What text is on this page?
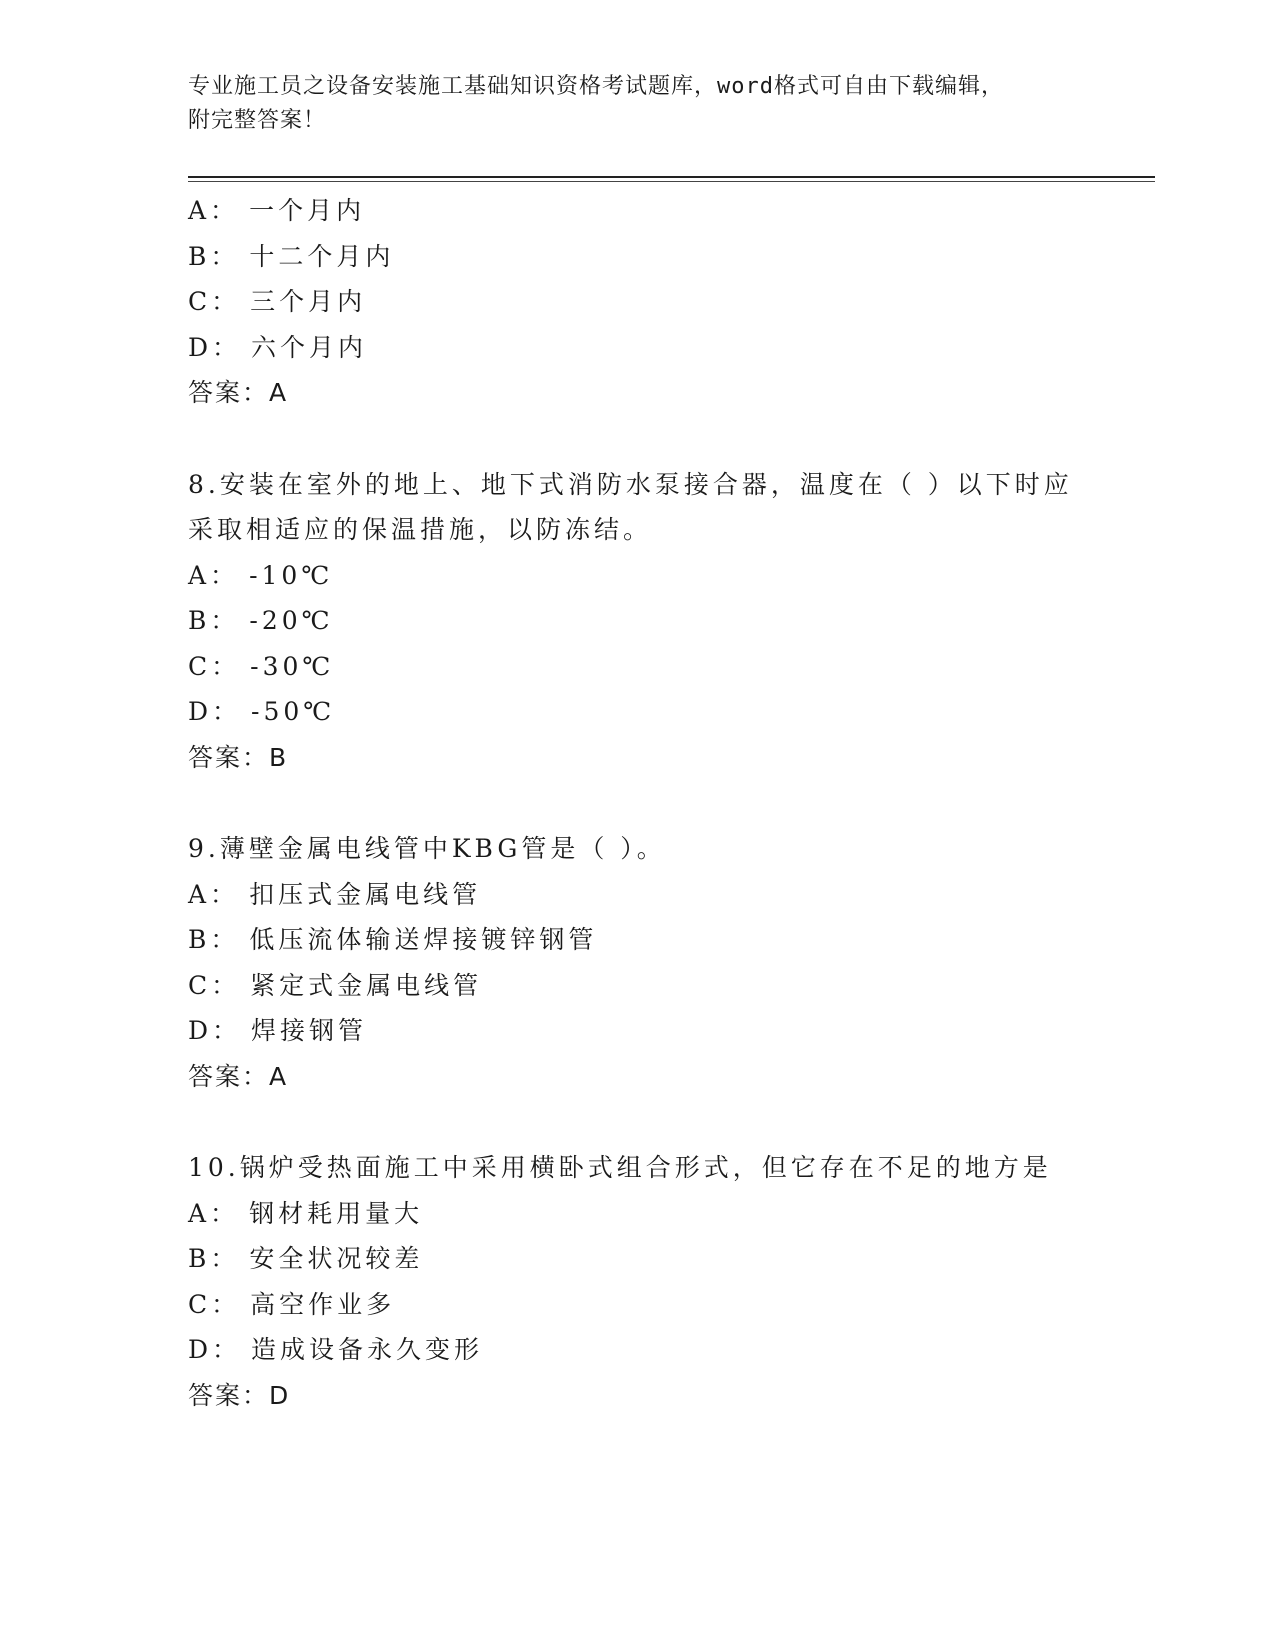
专业施工员之设备安装施工基础知识资格考试题库，word格式可自由下载编辑，
附完整答案！
A： 一个月内
B： 十二个月内
C： 三个月内
D： 六个月内
答案：A
8.安装在室外的地上、地下式消防水泵接合器，温度在（ ）以下时应
采取相适应的保温措施，以防冻结。
A： -10℃
B： -20℃
C： -30℃
D： -50℃
答案：B
9.薄壁金属电线管中KBG管是（ ）。
A： 扣压式金属电线管
B： 低压流体输送焊接镀锌钢管
C： 紧定式金属电线管
D： 焊接钢管
答案：A
10.锅炉受热面施工中采用横卧式组合形式，但它存在不足的地方是
A： 钢材耗用量大
B： 安全状况较差
C： 高空作业多
D： 造成设备永久变形
答案：D
